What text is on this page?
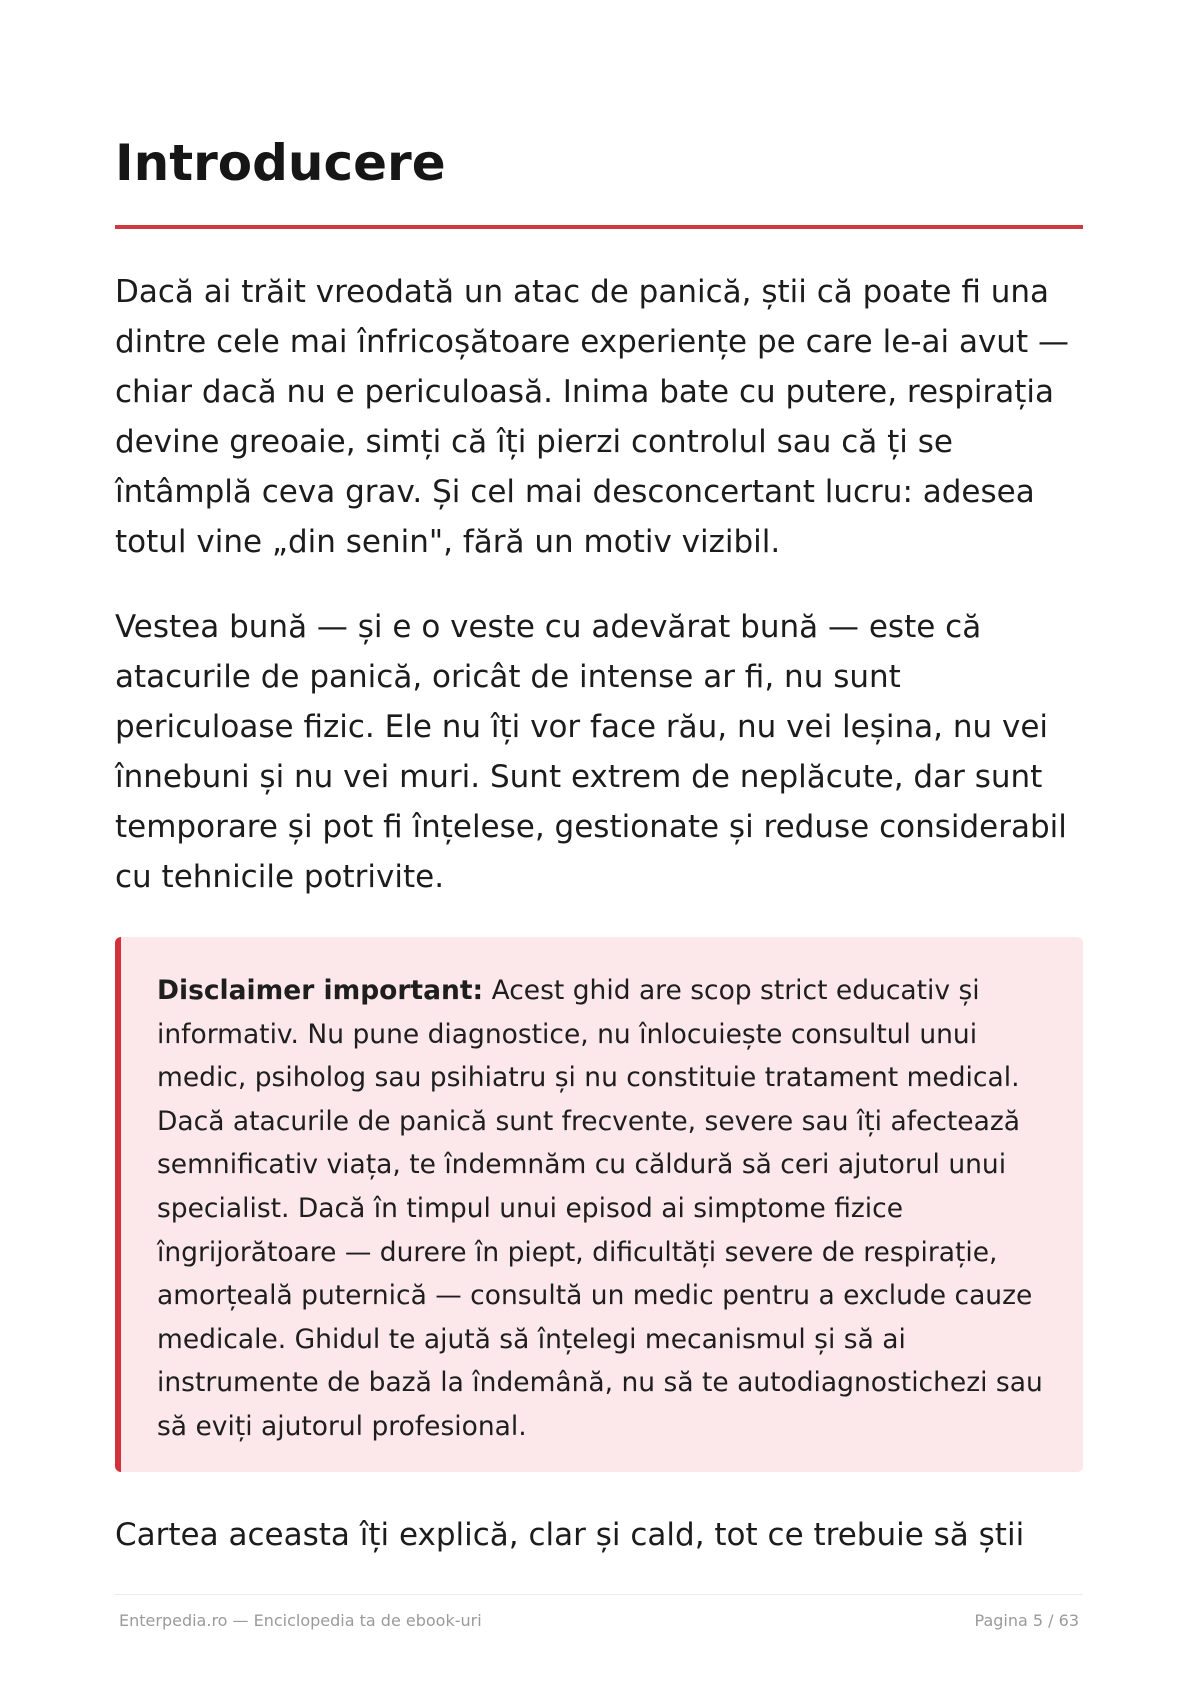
Introducere

Dacă ai trăit vreodată un atac de panică, știi că poate fi una dintre cele mai înfricoșătoare experiențe pe care le-ai avut — chiar dacă nu e periculoasă. Inima bate cu putere, respirația devine greoaie, simți că îți pierzi controlul sau că ți se întâmplă ceva grav. Și cel mai desconcertant lucru: adesea totul vine „din senin", fără un motiv vizibil.

Vestea bună — și e o veste cu adevărat bună — este că atacurile de panică, oricât de intense ar fi, nu sunt periculoase fizic. Ele nu îți vor face rău, nu vei leșina, nu vei înnebuni și nu vei muri. Sunt extrem de neplăcute, dar sunt temporare și pot fi înțelese, gestionate și reduse considerabil cu tehnicile potrivite.

Disclaimer important: Acest ghid are scop strict educativ și informativ. Nu pune diagnostice, nu înlocuiește consultul unui medic, psiholog sau psihiatru și nu constituie tratament medical. Dacă atacurile de panică sunt frecvente, severe sau îți afectează semnificativ viața, te îndemnăm cu căldură să ceri ajutorul unui specialist. Dacă în timpul unui episod ai simptome fizice îngrijorătoare — durere în piept, dificultăți severe de respirație, amorțeală puternică — consultă un medic pentru a exclude cauze medicale. Ghidul te ajută să înțelegi mecanismul și să ai instrumente de bază la îndemână, nu să te autodiagnostichezi sau să eviți ajutorul profesional.

Cartea aceasta îți explică, clar și cald, tot ce trebuie să știi

Enterpedia.ro — Enciclopedia ta de ebook-uri	Pagina 5 / 63
